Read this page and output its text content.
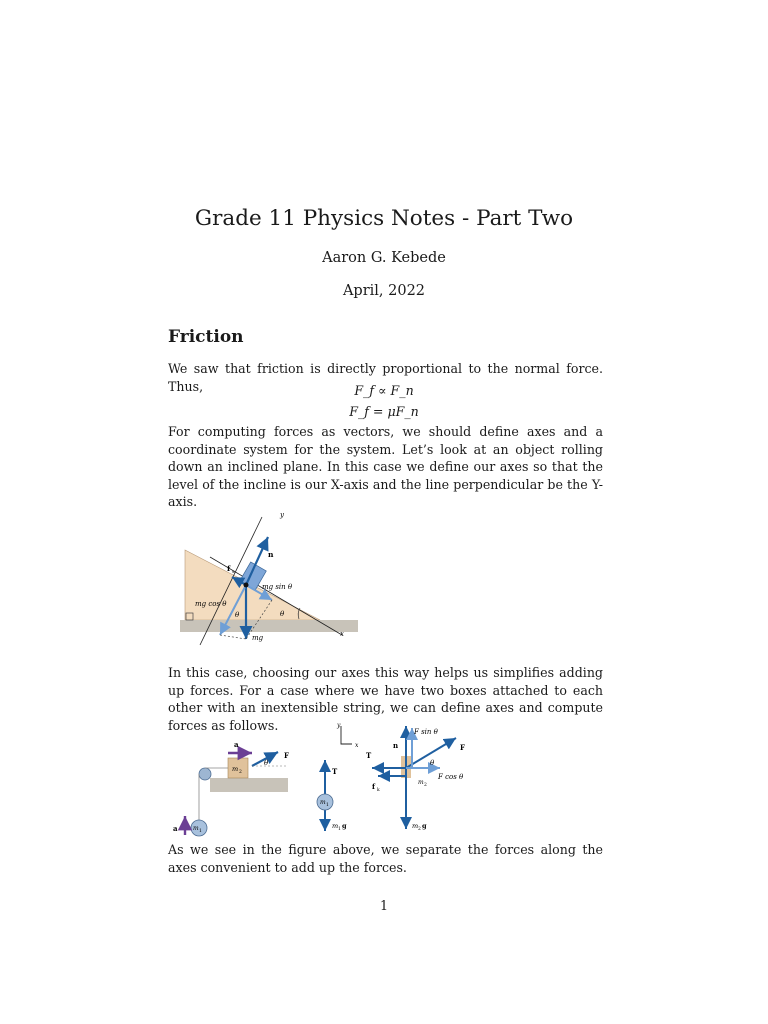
Grade 11 Physics Notes - Part Two
Aaron G. Kebede
April, 2022
Friction
We saw that friction is directly proportional to the normal force. Thus,	F_f ∝ F_n
F_f = μF_n
For computing forces as vectors, we should define axes and a coordinate system for the system. Let’s look at an object rolling down an inclined plane. In this case we define our axes so that the level of the incline is our X-axis and the line perpendicular be the Y-axis.
y
n
f s
mg sin θ
mg cos θ
θ	θ
mg	x
In this case, choosing our axes this way helps us simplifies adding up forces. For a case where we have two boxes attached to each other with an inextensible string, we can define axes and compute forces as follows.
m 2
a
F
θ
m 1
a
m 1
T
m 1 g
y
x
F sin θ
n	F
T
θ
f k
m 2
F cos θ
m 2 g
As we see in the figure above, we separate the forces along the axes convenient to add up the forces.
1
